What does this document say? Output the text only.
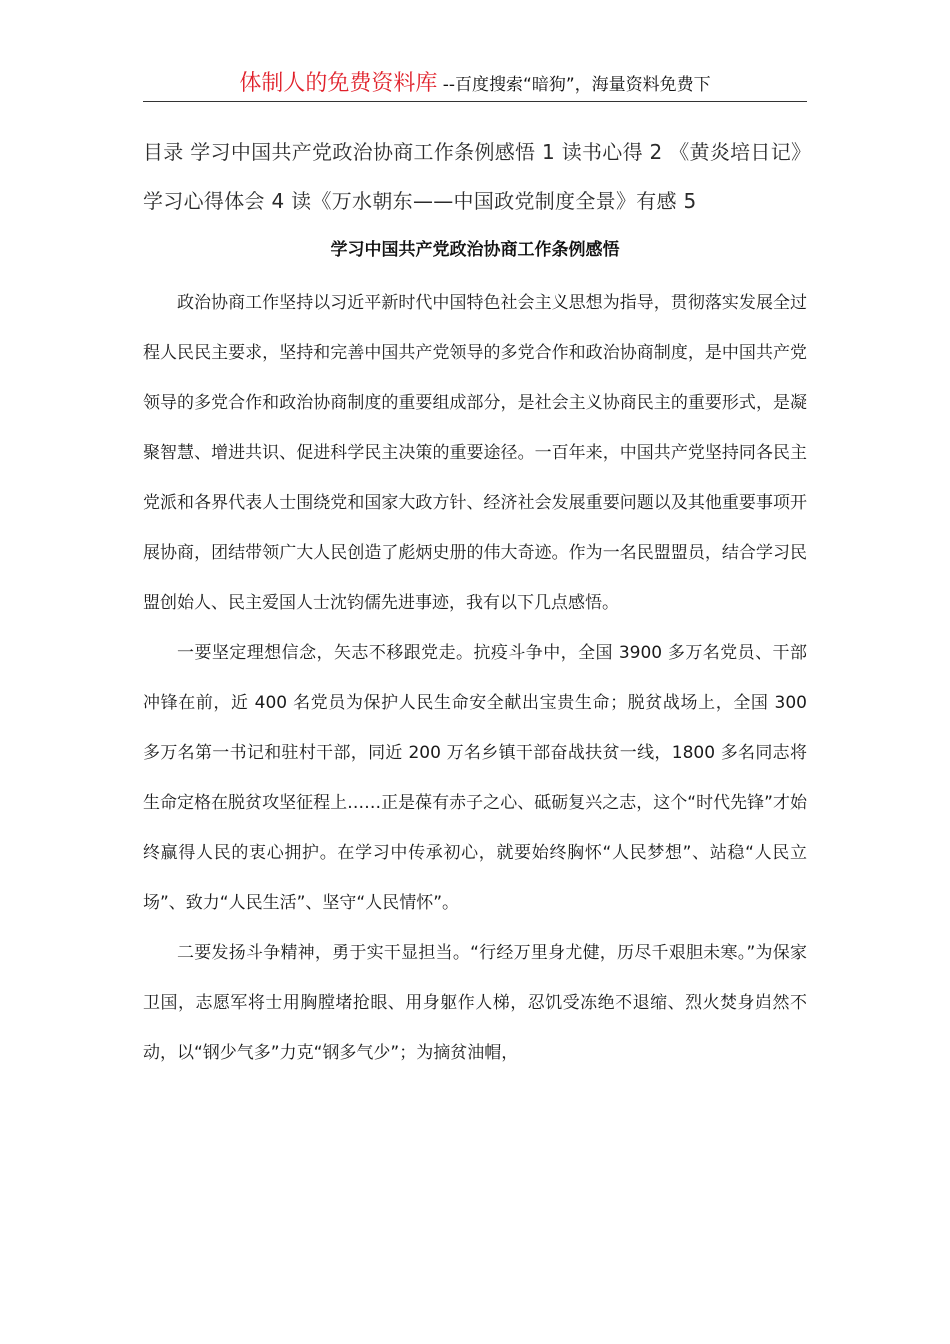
体制人的免费资料库 --百度搜索“暗狗”，海量资料免费下

目录 学习中国共产党政治协商工作条例感悟 1 读书心得 2 《黄炎培日记》学习心得体会 4 读《万水朝东——中国政党制度全景》有感 5

学习中国共产党政治协商工作条例感悟

政治协商工作坚持以习近平新时代中国特色社会主义思想为指导，贯彻落实发展全过程人民民主要求，坚持和完善中国共产党领导的多党合作和政治协商制度，是中国共产党领导的多党合作和政治协商制度的重要组成部分，是社会主义协商民主的重要形式，是凝聚智慧、增进共识、促进科学民主决策的重要途径。一百年来，中国共产党坚持同各民主党派和各界代表人士围绕党和国家大政方针、经济社会发展重要问题以及其他重要事项开展协商，团结带领广大人民创造了彪炳史册的伟大奇迹。作为一名民盟盟员，结合学习民盟创始人、民主爱国人士沈钧儒先进事迹，我有以下几点感悟。

一要坚定理想信念，矢志不移跟党走。抗疫斗争中，全国 3900 多万名党员、干部冲锋在前，近 400 名党员为保护人民生命安全献出宝贵生命；脱贫战场上，全国 300 多万名第一书记和驻村干部，同近 200 万名乡镇干部奋战扶贫一线，1800 多名同志将生命定格在脱贫攻坚征程上……正是葆有赤子之心、砥砺复兴之志，这个“时代先锋”才始终赢得人民的衷心拥护。在学习中传承初心，就要始终胸怀“人民梦想”、站稳“人民立场”、致力“人民生活”、坚守“人民情怀”。

二要发扬斗争精神，勇于实干显担当。“行经万里身尤健，历尽千艰胆未寒。”为保家卫国，志愿军将士用胸膛堵抢眼、用身躯作人梯，忍饥受冻绝不退缩、烈火焚身岿然不动，以“钢少气多”力克“钢多气少”；为摘贫油帽，
